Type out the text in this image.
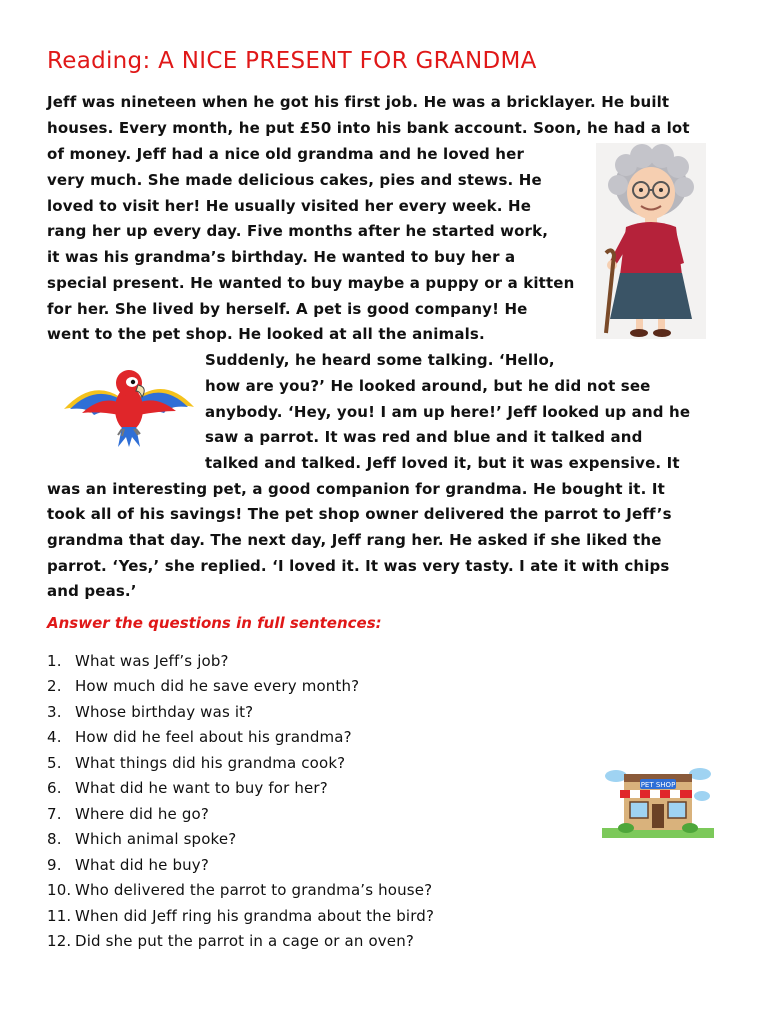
Reading: A NICE PRESENT FOR GRANDMA
Jeff was nineteen when he got his first job. He was a bricklayer. He built
houses. Every month, he put £50 into his bank account. Soon, he had a lot
of money. Jeff had a nice old grandma and he loved her
very much. She made delicious cakes, pies and stews. He
loved to visit her! He usually visited her every week. He
rang her up every day. Five months after he started work,
it was his grandma’s birthday. He wanted to buy her a
special present. He wanted to buy maybe a puppy or a kitten
for her. She lived by herself. A pet is good company! He
went to the pet shop. He looked at all the animals.
Suddenly, he heard some talking. ‘Hello,
how are you?’ He looked around, but he did not see
anybody. ‘Hey, you! I am up here!’ Jeff looked up and he
saw a parrot. It was red and blue and it talked and
talked and talked. Jeff loved it, but it was expensive. It
was an interesting pet, a good companion for grandma. He bought it. It
took all of his savings! The pet shop owner delivered the parrot to Jeff’s
grandma that day. The next day, Jeff rang her. He asked if she liked the
parrot. ‘Yes,’ she replied. ‘I loved it. It was very tasty. I ate it with chips
and peas.’
Answer the questions in full sentences:
1. What was Jeff’s job?
2. How much did he save every month?
3. Whose birthday was it?
4. How did he feel about his grandma?
5. What things did his grandma cook?
6. What did he want to buy for her?
7. Where did he go?
8. Which animal spoke?
9. What did he buy?
10. Who delivered the parrot to grandma’s house?
11. When did Jeff ring his grandma about the bird?
12. Did she put the parrot in a cage or an oven?
PET SHOP
